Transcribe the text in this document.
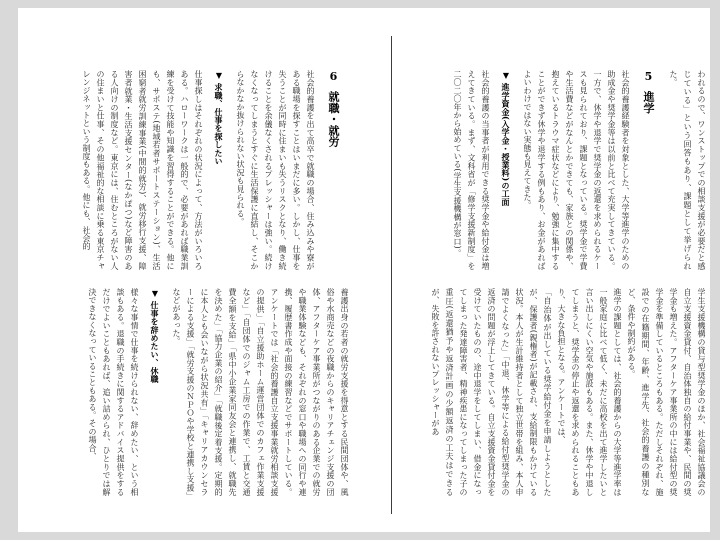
われるので、ワンストップでの相談支援が必要だと感じている」という回答もあり、課題として挙げられた。

5進学

社会的養護経験者を対象とした、大学等進学のための助成金や奨学金等は以前と比べて充実してきている。一方で、休学や退学で奨学金の返還を求められるケースも見られており、課題となっている。奨学金で学費や生活費などがなんとかできても、家族との関係や、抱えているトラウマ症状などにより、勉強に集中することができず休学や退学する例もあり、お金があればよいわけではない実態も見えてきた。

▼ 進学資金(入学金・授業料)の工面

社会的養護の当事者が利用できる奨学金や給付金は増えてきている。まず、文科省が「修学支援新制度」を二〇二〇年から始めている(学生支援機構が窓口)。

学生支援機構の貸与型奨学金のほか、社会福祉協議会の自立支援資金貸付、自治体独自の給付事業や、民間の奨学金も増えた。アフターケア事業所の中には給付型の奨学金を準備しているところもある。ただしそれぞれ、施設での在籍期間、年齢、進学先、社会的養護の種別など、条件や制約がある。

進学の課題としては、社会的養護からの大学等進学率は一般家庭に比べて低く、未だに高校を出て進学したいと言い出しにくい空気や施設もある。また、休学や中退してしまうと、奨学金の停止や返還を求められることもあり、大きな負担となる。アンケートでは、

「自治体が出している奨学給付金を申請しようとしたが、保護者(親権者)が記載され、支給制限もかけている状況。本人が生計維持者として独立世帯を組み、本人申請でよくなった」「中退、休学等による給付型奨学金の返済の問題が浮上してきている。自立支援資金貸付金を受けていたものの、途中退学をしてしまい、借金になってしまった発達障害者、精神疾患になってしまった子の重圧(返還猶予や返済計画の少額返済の工夫はできるが、失敗を許されないプレッシャーがあ

6就職・就労

社会的養護を出て高卒で就職の場合、住み込みや寮がある職場を探すことはいまだに多い。しかし、仕事を失うことが同時に住まいも失うリスクとなり、働き続けることを余儀なくされるプレッシャーは強い。続けなくなってしまうとすぐに生活保護に直結し、そこからなかなか抜けられない状況も見られる。

▼ 求職、仕事を探したい

仕事探しはそれぞれの状況によって、方法がいろいろある。ハローワークは一般的で、必要があれば職業訓練を受けて技能や知識を習得することができる。他にも、サポステ(地域若者サポートステーション)、生活困窮者就労訓練事業(中間的就労)、就労移行支援、障害者就業・生活支援センター(なかぽつ)など障害のある人向けの制度など。東京には、住むところがない人の住まいと仕事、その他福祉的な相談に乗る東京チャレンジネットという制度もある。他にも、社会的

養護出身の若者の就労支援を得意とする民間団体や、風俗や水商売などの夜職からのキャリアチェンジ支援の団体、アフターケア事業所がつながりのある企業での就労や職業体験なども、それぞれの窓口や職場への同行や連携、履歴書作成や面接の練習などでサポートしている。アンケートでは「社会的養護自立支援事業就労相談支援の提供」「自立援助ホーム運営団体でのカフェ作業支援など」「自団体でのジャム工房での作業で、工賃と交通費全額を支給」「県中小企業家同友会と連携し、就職先を決めた」「協力企業の紹介」「就職後定着支援。定期的に本人とも会いながら状況共有」「キャリアカウンセラーによる支援」「就労支援のＮＰＯや学校と連携し支援」などがあった。

▼ 仕事を辞めたい、休職

様々な事情で仕事を続けられない、辞めたい、という相談もある。退職の手続きに関するアドバイス提供をするだけでよいこともあれば、追い詰められ、ひとりでは解決できなくなっていることもある。その場合、
